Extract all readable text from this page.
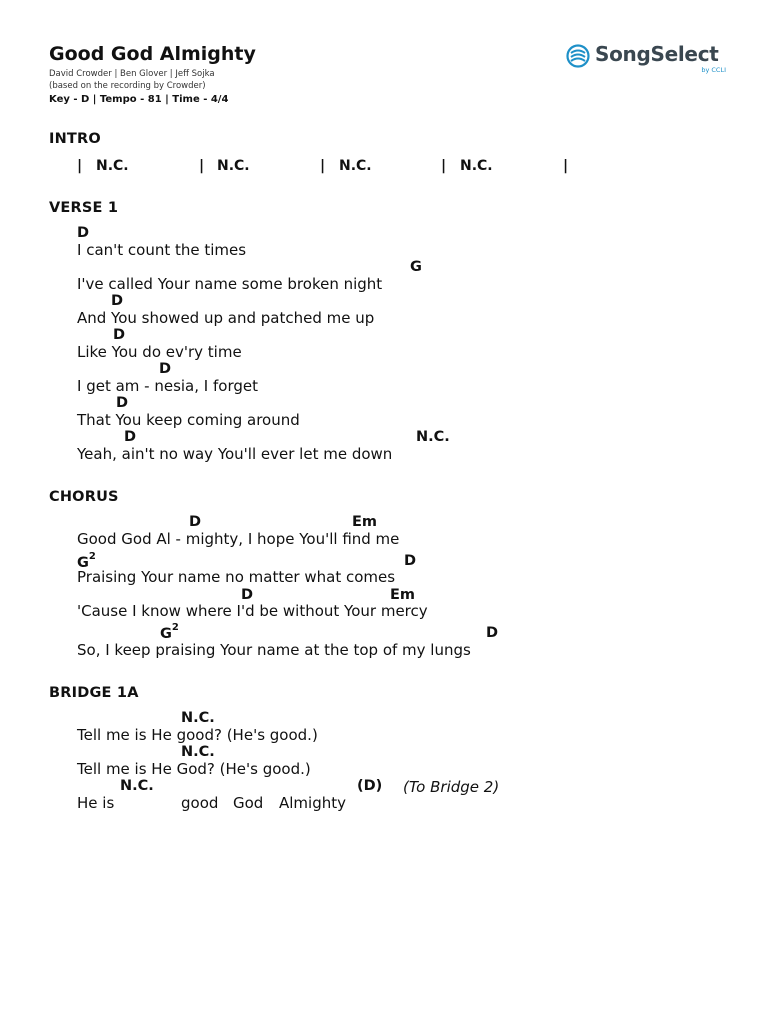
Good God Almighty
David Crowder | Ben Glover | Jeff Sojka
(based on the recording by Crowder)
Key - D | Tempo - 81 | Time - 4/4
SongSelect
by CCLI
INTRO
| N.C.	| N.C.	| N.C.	| N.C.	|
VERSE 1
D
I can't count the times
G
I've called Your name some broken night
D
And You showed up and patched me up
D
Like You do ev'ry time
D
I get am - nesia, I forget
D
That You keep coming around
D	N.C.
Yeah, ain't no way You'll ever let me down
CHORUS
D	Em
Good God Al - mighty, I hope You'll find me
$G^2$	D
Praising Your name no matter what comes
D	Em
'Cause I know where I'd be without Your mercy
$G^2$	D
So, I keep praising Your name at the top of my lungs
BRIDGE 1A
N.C.
Tell me is He good? (He's good.)
N.C.
Tell me is He God? (He's good.)
N.C.	(D) (To Bridge 2)
He is	good God Almighty
